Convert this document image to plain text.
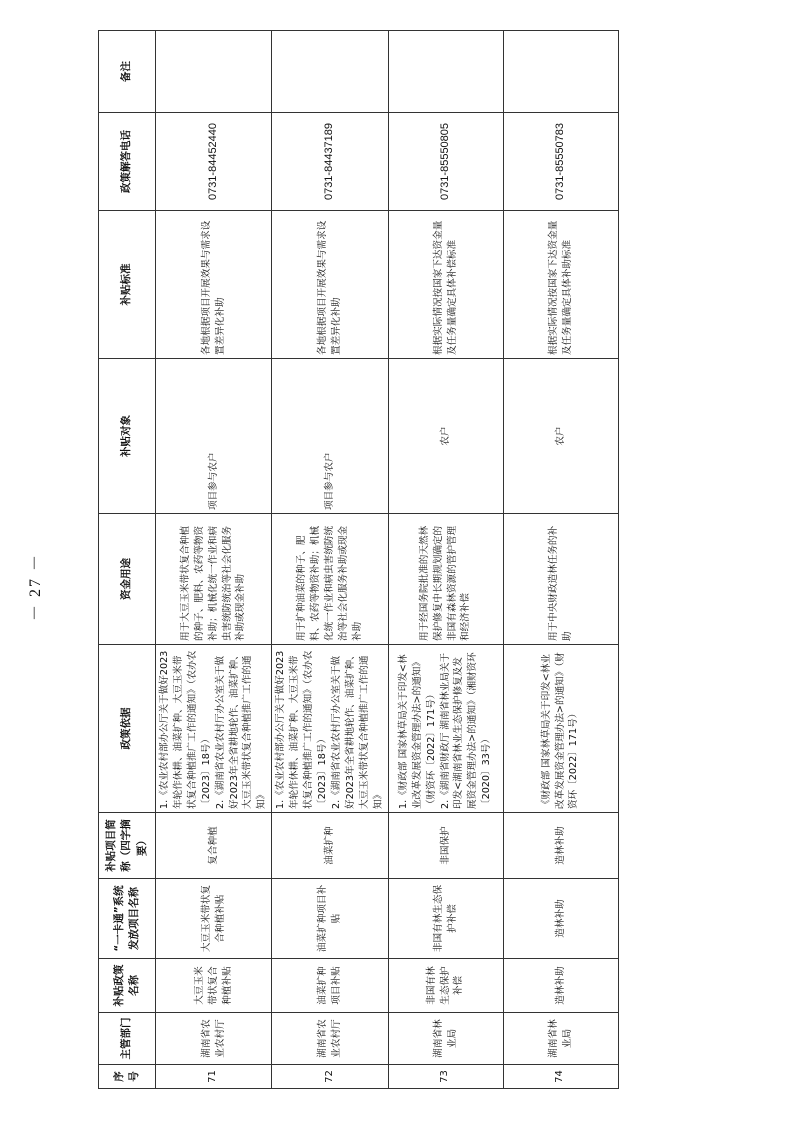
序号	主管部门	补贴政策名称	“一卡通”系统发放项目名称	补贴项目简称（四字摘要）	政策依据	资金用途	补贴对象	补贴标准	政策解答电话	备注
71	湖南省农业农村厅	大豆玉米带状复合种植补贴	大豆玉米带状复合种植补贴	复合种植	1.《农业农村部办公厅关于做好2023年轮作休耕、油菜扩种、大豆玉米带状复合种植推广工作的通知》（农办农〔2023〕18号） 2.《湖南省农业农村厅办公室关于做好2023年全省耕地轮作、油菜扩种、大豆玉米带状复合种植推广工作的通知》	用于大豆玉米带状复合种植的种子、肥料、农药等物资补助；机械化统一作业和病虫害统防统治等社会化服务补助或现金补助	项目参与农户	各地根据项目开展效果与需求设置差异化补助	0731-84452440	
72	湖南省农业农村厅	油菜扩种项目补贴	油菜扩种项目补贴	油菜扩种	1.《农业农村部办公厅关于做好2023年轮作休耕、油菜扩种、大豆玉米带状复合种植推广工作的通知》（农办农〔2023〕18号） 2.《湖南省农业农村厅办公室关于做好2023年全省耕地轮作、油菜扩种、大豆玉米带状复合种植推广工作的通知》	用于扩种油菜的种子、肥料、农药等物资补助；机械化统一作业和病虫害统防统治等社会化服务补助或现金补助	项目参与农户	各地根据项目开展效果与需求设置差异化补助	0731-84437189	
73	湖南省林业局	非国有林生态保护补偿	非国有林生态保护补偿	非国保护	1.《财政部 国家林草局关于印发<林业改革发展资金管理办法>的通知》（财资环〔2022〕171号） 2.《湖南省财政厅 湖南省林业局关于印发<湖南省林业生态保护修复及发展资金管理办法>的通知》（湘财资环〔2020〕33号）	用于经国务院批准的天然林保护修复中长期规划确定的非国有森林资源的管护管理和经济补偿	农户	根据实际情况按国家下达资金量及任务量确定具体补偿标准	0731-85550805	
74	湖南省林业局	造林补助	造林补助	造林补助	《财政部 国家林草局关于印发<林业改革发展资金管理办法>的通知》（财资环〔2022〕171号）	用于中央财政造林任务的补助	农户	根据实际情况按国家下达资金量及任务量确定具体补助标准	0731-85550783	
－ 27 －
